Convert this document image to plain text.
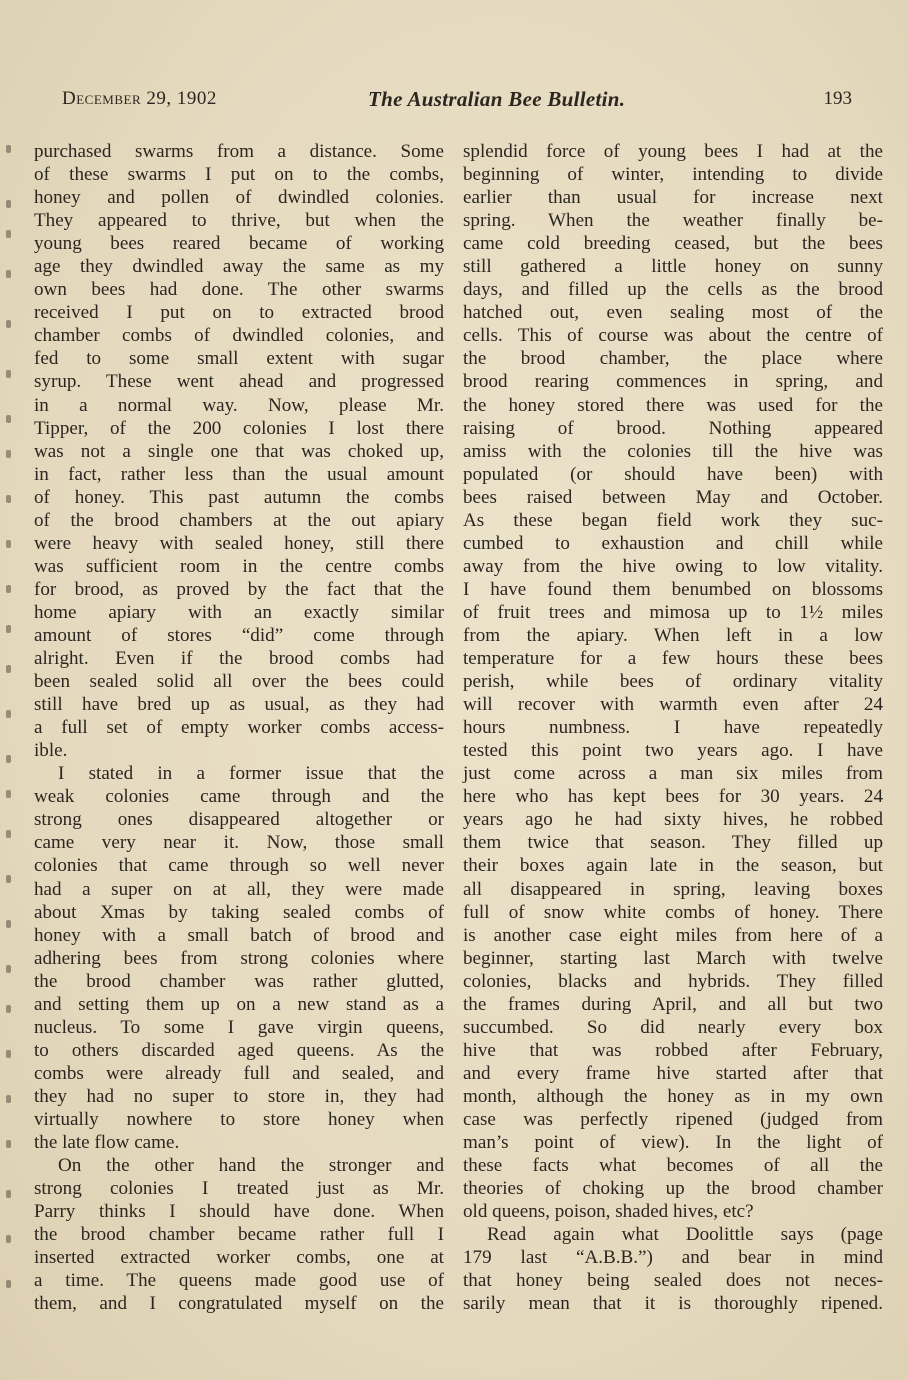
December 29, 1902	The Australian Bee Bulletin.	193
purchased swarms from a distance. Some
of these swarms I put on to the combs,
honey and pollen of dwindled colonies.
They appeared to thrive, but when the
young bees reared became of working
age they dwindled away the same as my
own bees had done. The other swarms
received I put on to extracted brood
chamber combs of dwindled colonies, and
fed to some small extent with sugar
syrup. These went ahead and progressed
in a normal way. Now, please Mr.
Tipper, of the 200 colonies I lost there
was not a single one that was choked up,
in fact, rather less than the usual amount
of honey. This past autumn the combs
of the brood chambers at the out apiary
were heavy with sealed honey, still there
was sufficient room in the centre combs
for brood, as proved by the fact that the
home apiary with an exactly similar
amount of stores “did” come through
alright. Even if the brood combs had
been sealed solid all over the bees could
still have bred up as usual, as they had
a full set of empty worker combs access-
ible.
I stated in a former issue that the
weak colonies came through and the
strong ones disappeared altogether or
came very near it. Now, those small
colonies that came through so well never
had a super on at all, they were made
about Xmas by taking sealed combs of
honey with a small batch of brood and
adhering bees from strong colonies where
the brood chamber was rather glutted,
and setting them up on a new stand as a
nucleus. To some I gave virgin queens,
to others discarded aged queens. As the
combs were already full and sealed, and
they had no super to store in, they had
virtually nowhere to store honey when
the late flow came.
On the other hand the stronger and
strong colonies I treated just as Mr.
Parry thinks I should have done. When
the brood chamber became rather full I
inserted extracted worker combs, one at
a time. The queens made good use of
them, and I congratulated myself on the
splendid force of young bees I had at the
beginning of winter, intending to divide
earlier than usual for increase next
spring. When the weather finally be-
came cold breeding ceased, but the bees
still gathered a little honey on sunny
days, and filled up the cells as the brood
hatched out, even sealing most of the
cells. This of course was about the centre of
the brood chamber, the place where
brood rearing commences in spring, and
the honey stored there was used for the
raising of brood. Nothing appeared
amiss with the colonies till the hive was
populated (or should have been) with
bees raised between May and October.
As these began field work they suc-
cumbed to exhaustion and chill while
away from the hive owing to low vitality.
I have found them benumbed on blossoms
of fruit trees and mimosa up to 1½ miles
from the apiary. When left in a low
temperature for a few hours these bees
perish, while bees of ordinary vitality
will recover with warmth even after 24
hours numbness. I have repeatedly
tested this point two years ago. I have
just come across a man six miles from
here who has kept bees for 30 years. 24
years ago he had sixty hives, he robbed
them twice that season. They filled up
their boxes again late in the season, but
all disappeared in spring, leaving boxes
full of snow white combs of honey. There
is another case eight miles from here of a
beginner, starting last March with twelve
colonies, blacks and hybrids. They filled
the frames during April, and all but two
succumbed. So did nearly every box
hive that was robbed after February,
and every frame hive started after that
month, although the honey as in my own
case was perfectly ripened (judged from
man’s point of view). In the light of
these facts what becomes of all the
theories of choking up the brood chamber
old queens, poison, shaded hives, etc?
Read again what Doolittle says (page
179 last “A.B.B.”) and bear in mind
that honey being sealed does not neces-
sarily mean that it is thoroughly ripened.
